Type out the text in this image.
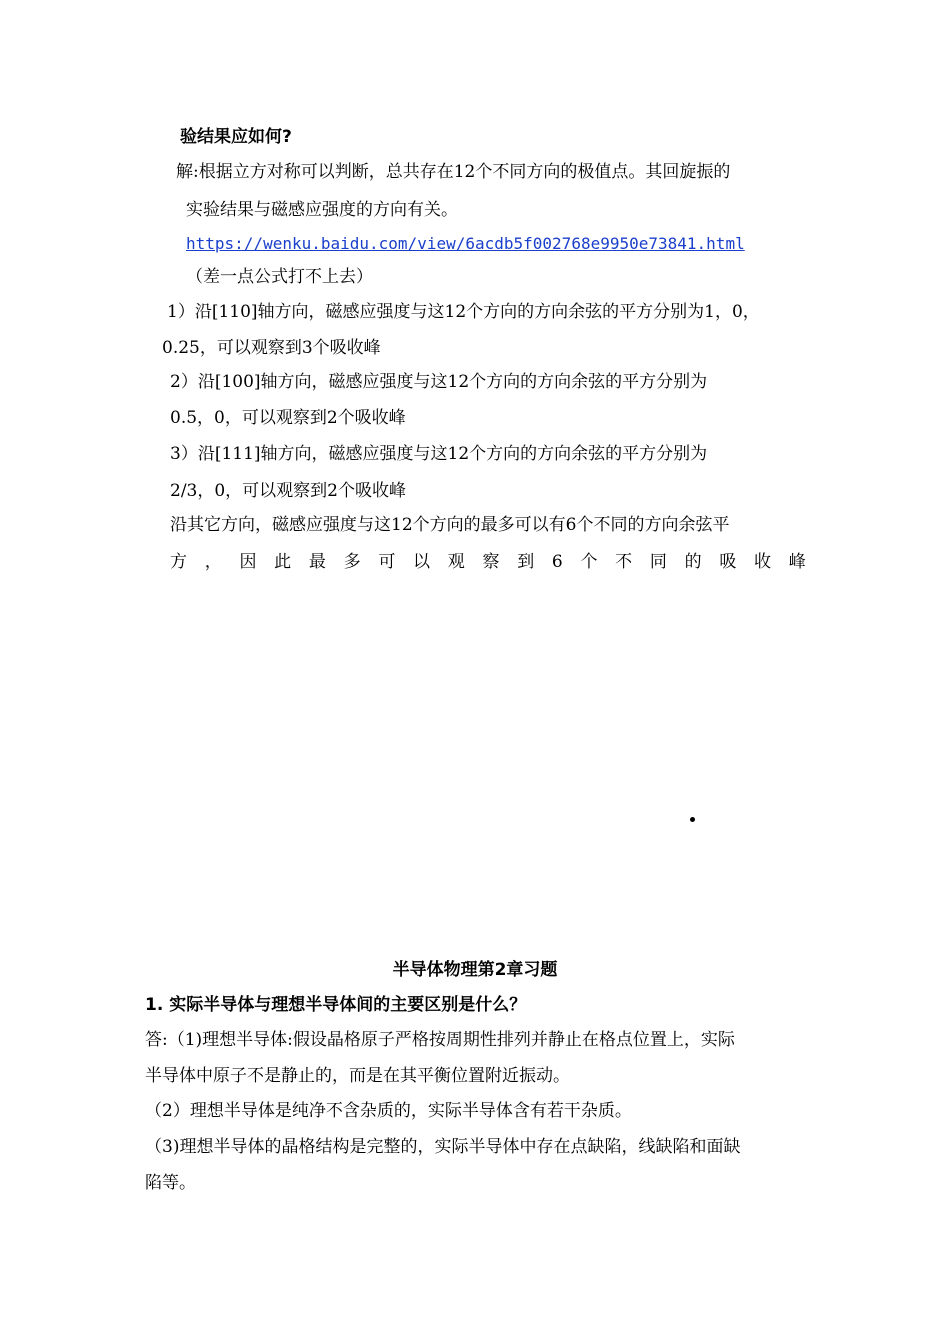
验结果应如何?
解:根据立方对称可以判断，总共存在12个不同方向的极值点。其回旋振的
实验结果与磁感应强度的方向有关。
https://wenku.baidu.com/view/6acdb5f002768e9950e73841.html
（差一点公式打不上去）
1）沿[110]轴方向，磁感应强度与这12个方向的方向余弦的平方分别为1，0，
0.25，可以观察到3个吸收峰
2）沿[100]轴方向，磁感应强度与这12个方向的方向余弦的平方分别为
0.5，0，可以观察到2个吸收峰
3）沿[111]轴方向，磁感应强度与这12个方向的方向余弦的平方分别为
2/3，0，可以观察到2个吸收峰
沿其它方向，磁感应强度与这12个方向的最多可以有6个不同的方向余弦平
方 ， 因 此 最 多 可 以 观 察 到 6 个 不 同 的 吸 收 峰
半导体物理第2章习题
1. 实际半导体与理想半导体间的主要区别是什么？
答:（1)理想半导体:假设晶格原子严格按周期性排列并静止在格点位置上，实际
半导体中原子不是静止的，而是在其平衡位置附近振动。
（2）理想半导体是纯净不含杂质的，实际半导体含有若干杂质。
（3)理想半导体的晶格结构是完整的，实际半导体中存在点缺陷，线缺陷和面缺
陷等。
